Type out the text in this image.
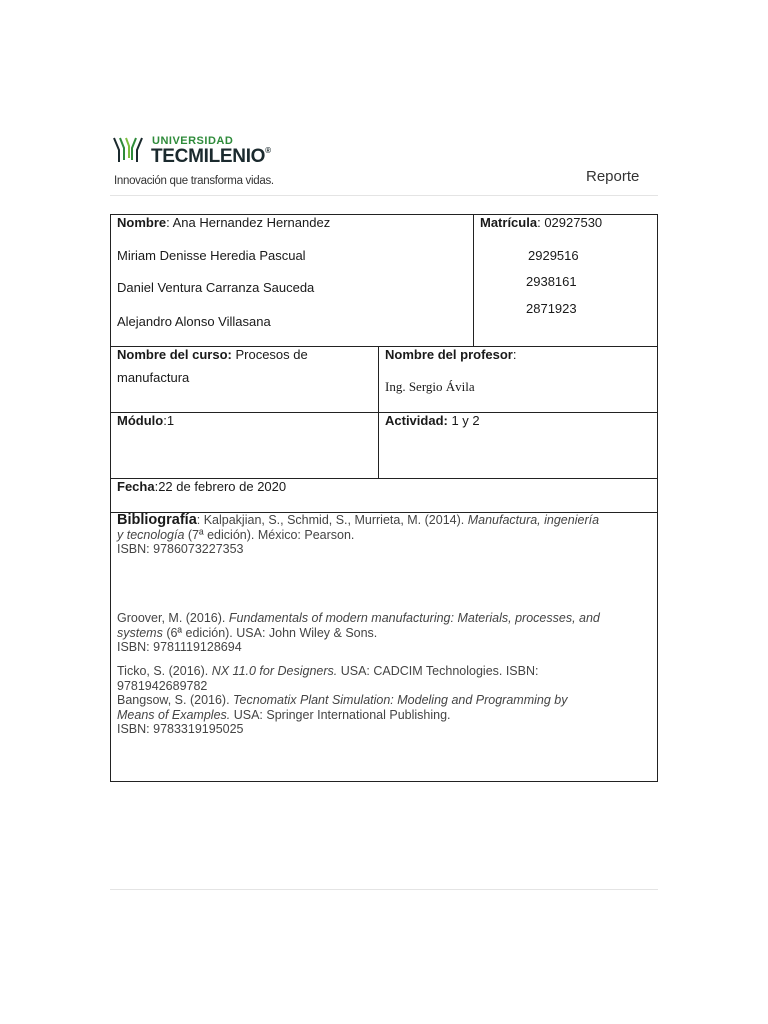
UNIVERSIDAD
TECMILENIO®
Innovación que transforma vidas.	Reporte
Nombre: Ana Hernandez Hernandez
Miriam Denisse Heredia Pascual
Daniel Ventura Carranza Sauceda
Alejandro Alonso Villasana
Matrícula: 02927530
2929516
2938161
2871923
Nombre del curso: Procesos de
manufactura
Nombre del profesor:
Ing. Sergio Ávila
Módulo:1	Actividad: 1 y 2
Fecha:22 de febrero de 2020
Bibliografía: Kalpakjian, S., Schmid, S., Murrieta, M. (2014). Manufactura, ingeniería
y tecnología (7ª edición). México: Pearson.
ISBN: 9786073227353
Groover, M. (2016). Fundamentals of modern manufacturing: Materials, processes, and
systems (6ª edición). USA: John Wiley & Sons.
ISBN: 9781119128694
Ticko, S. (2016). NX 11.0 for Designers. USA: CADCIM Technologies. ISBN:
9781942689782
Bangsow, S. (2016). Tecnomatix Plant Simulation: Modeling and Programming by
Means of Examples. USA: Springer International Publishing.
ISBN: 9783319195025
